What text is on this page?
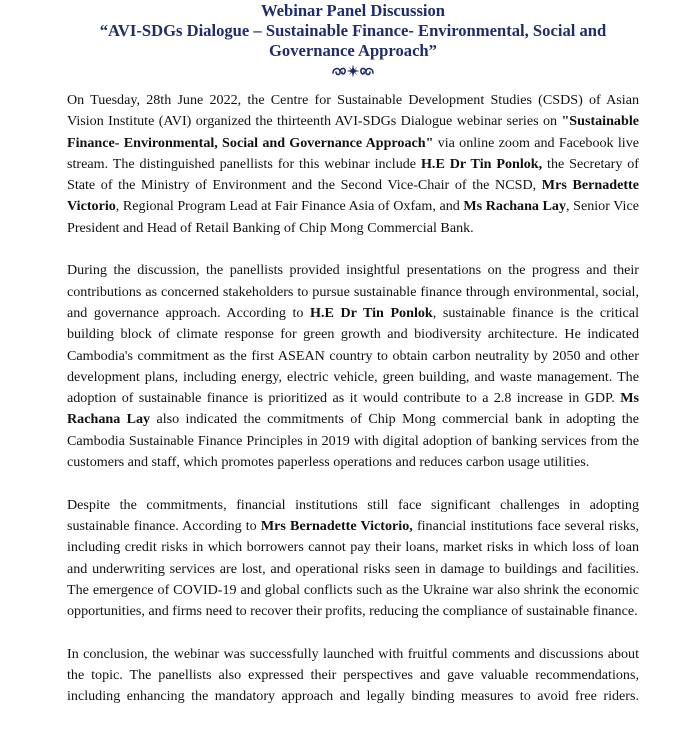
Webinar Panel Discussion
“AVI-SDGs Dialogue – Sustainable Finance- Environmental, Social and
Governance Approach”

On Tuesday, 28th June 2022, the Centre for Sustainable Development Studies (CSDS) of Asian Vision Institute (AVI) organized the thirteenth AVI-SDGs Dialogue webinar series on "Sustainable Finance- Environmental, Social and Governance Approach" via online zoom and Facebook live stream. The distinguished panellists for this webinar include H.E Dr Tin Ponlok, the Secretary of State of the Ministry of Environment and the Second Vice-Chair of the NCSD, Mrs Bernadette Victorio, Regional Program Lead at Fair Finance Asia of Oxfam, and Ms Rachana Lay, Senior Vice President and Head of Retail Banking of Chip Mong Commercial Bank.

During the discussion, the panellists provided insightful presentations on the progress and their contributions as concerned stakeholders to pursue sustainable finance through environmental, social, and governance approach. According to H.E Dr Tin Ponlok, sustainable finance is the critical building block of climate response for green growth and biodiversity architecture. He indicated Cambodia's commitment as the first ASEAN country to obtain carbon neutrality by 2050 and other development plans, including energy, electric vehicle, green building, and waste management. The adoption of sustainable finance is prioritized as it would contribute to a 2.8 increase in GDP. Ms Rachana Lay also indicated the commitments of Chip Mong commercial bank in adopting the Cambodia Sustainable Finance Principles in 2019 with digital adoption of banking services from the customers and staff, which promotes paperless operations and reduces carbon usage utilities.

Despite the commitments, financial institutions still face significant challenges in adopting sustainable finance. According to Mrs Bernadette Victorio, financial institutions face several risks, including credit risks in which borrowers cannot pay their loans, market risks in which loss of loan and underwriting services are lost, and operational risks seen in damage to buildings and facilities. The emergence of COVID-19 and global conflicts such as the Ukraine war also shrink the economic opportunities, and firms need to recover their profits, reducing the compliance of sustainable finance.

In conclusion, the webinar was successfully launched with fruitful comments and discussions about the topic. The panellists also expressed their perspectives and gave valuable recommendations, including enhancing the mandatory approach and legally binding measures to avoid free riders.
